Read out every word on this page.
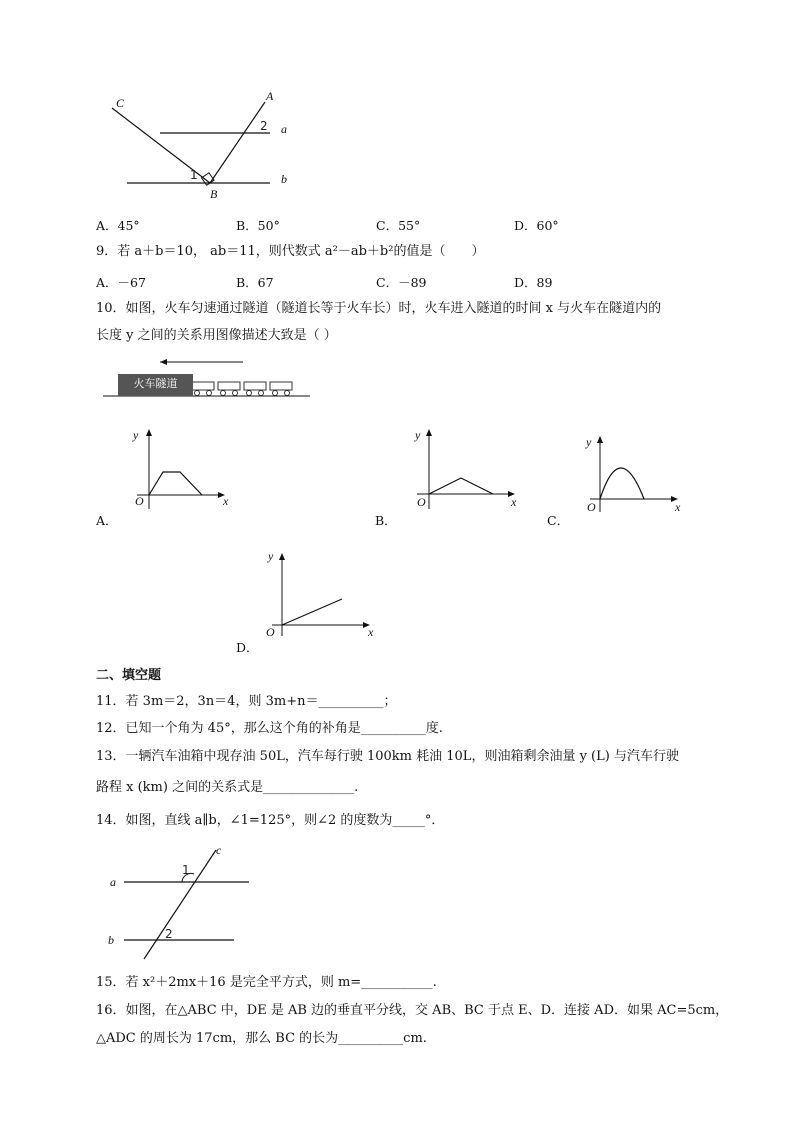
C	A
2 a
1
B
b
A．45°	B．50°	C．55°	D．60°
9．若 a＋b＝10， ab＝11，则代数式 a²－ab＋b²的值是（　　）
A．－67	B．67	C．－89	D．89
10．如图，火车匀速通过隧道（隧道长等于火车长）时，火车进入隧道的时间 x 与火车在隧道内的
长度 y 之间的关系用图像描述大致是（ ）
火车隧道
y
O	x
A．
y
O	x
B．
y
O	x
C．
y
O	x
D．
二、填空题
11．若 3m＝2，3n＝4，则 3m+n＝__________；
12．已知一个角为 45°，那么这个角的补角是__________度.
13．一辆汽车油箱中现存油 50L，汽车每行驶 100km 耗油 10L，则油箱剩余油量 y (L) 与汽车行驶
路程 x (km) 之间的关系式是______________.
14．如图，直线 a∥b，∠1=125°，则∠2 的度数为_____°．
c
a
1
b	2
15．若 x²＋2mx＋16 是完全平方式，则 m=___________.
16．如图，在△ABC 中，DE 是 AB 边的垂直平分线，交 AB、BC 于点 E、D．连接 AD．如果 AC=5cm，
△ADC 的周长为 17cm，那么 BC 的长为__________cm.
